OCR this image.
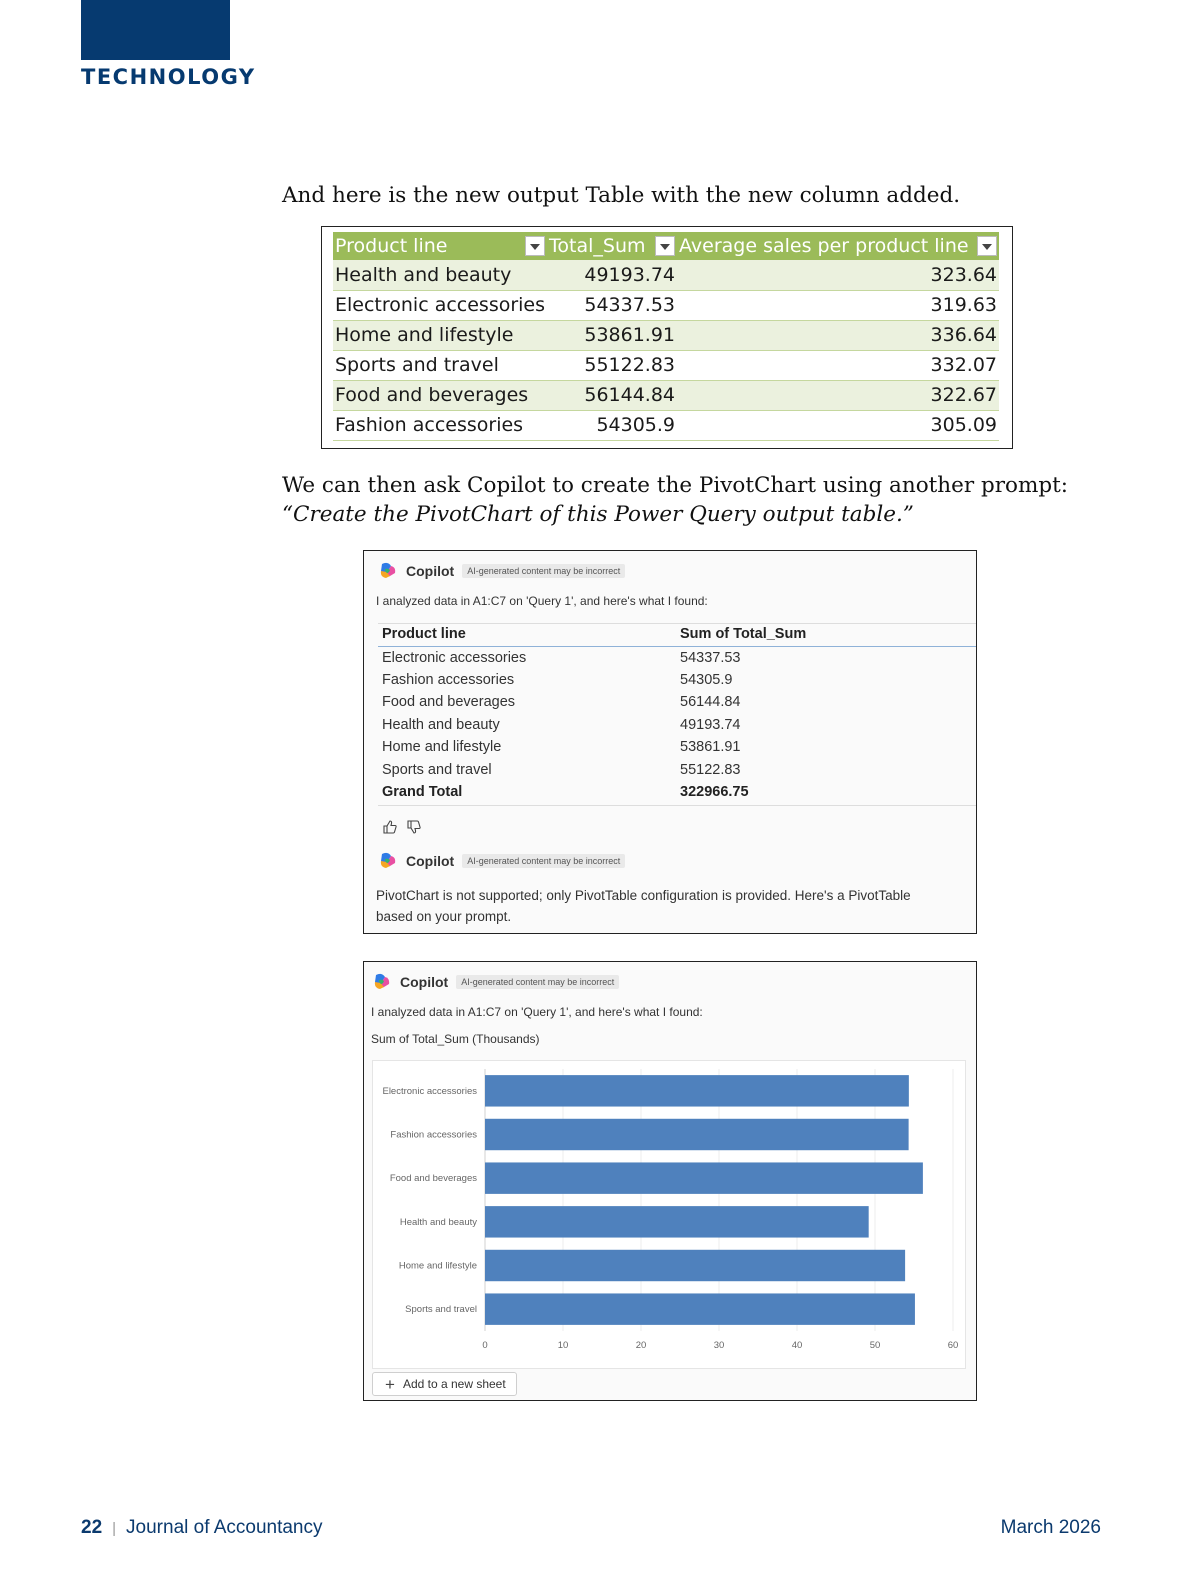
TECHNOLOGY

And here is the new output Table with the new column added.

Product line	Total_Sum	Average sales per product line

Health and beauty	49193.74	323.64
Electronic accessories	54337.53	319.63
Home and lifestyle	53861.91	336.64
Sports and travel	55122.83	332.07
Food and beverages	56144.84	322.67
Fashion accessories	54305.9	305.09
We can then ask Copilot to create the PivotChart using another prompt:
“Create the PivotChart of this Power Query output table.”
Copilot	AI-generated content may be incorrect
I analyzed data in A1:C7 on 'Query 1', and here's what I found:
Product line	Sum of Total_Sum
Electronic accessories	54337.53
Fashion accessories	54305.9
Food and beverages	56144.84
Health and beauty	49193.74
Home and lifestyle	53861.91
Sports and travel	55122.83
Grand Total	322966.75
Copilot	AI-generated content may be incorrect
PivotChart is not supported; only PivotTable configuration is provided. Here's a PivotTable
based on your prompt.
Copilot	AI-generated content may be incorrect
I analyzed data in A1:C7 on 'Query 1', and here's what I found:
Sum of Total_Sum (Thousands)
Electronic accessories
Fashion accessories
Food and beverages
Health and beauty
Home and lifestyle
Sports and travel
0	10	20	30	40	50	60
+ Add to a new sheet
22 | Journal of Accountancy	March 2026
